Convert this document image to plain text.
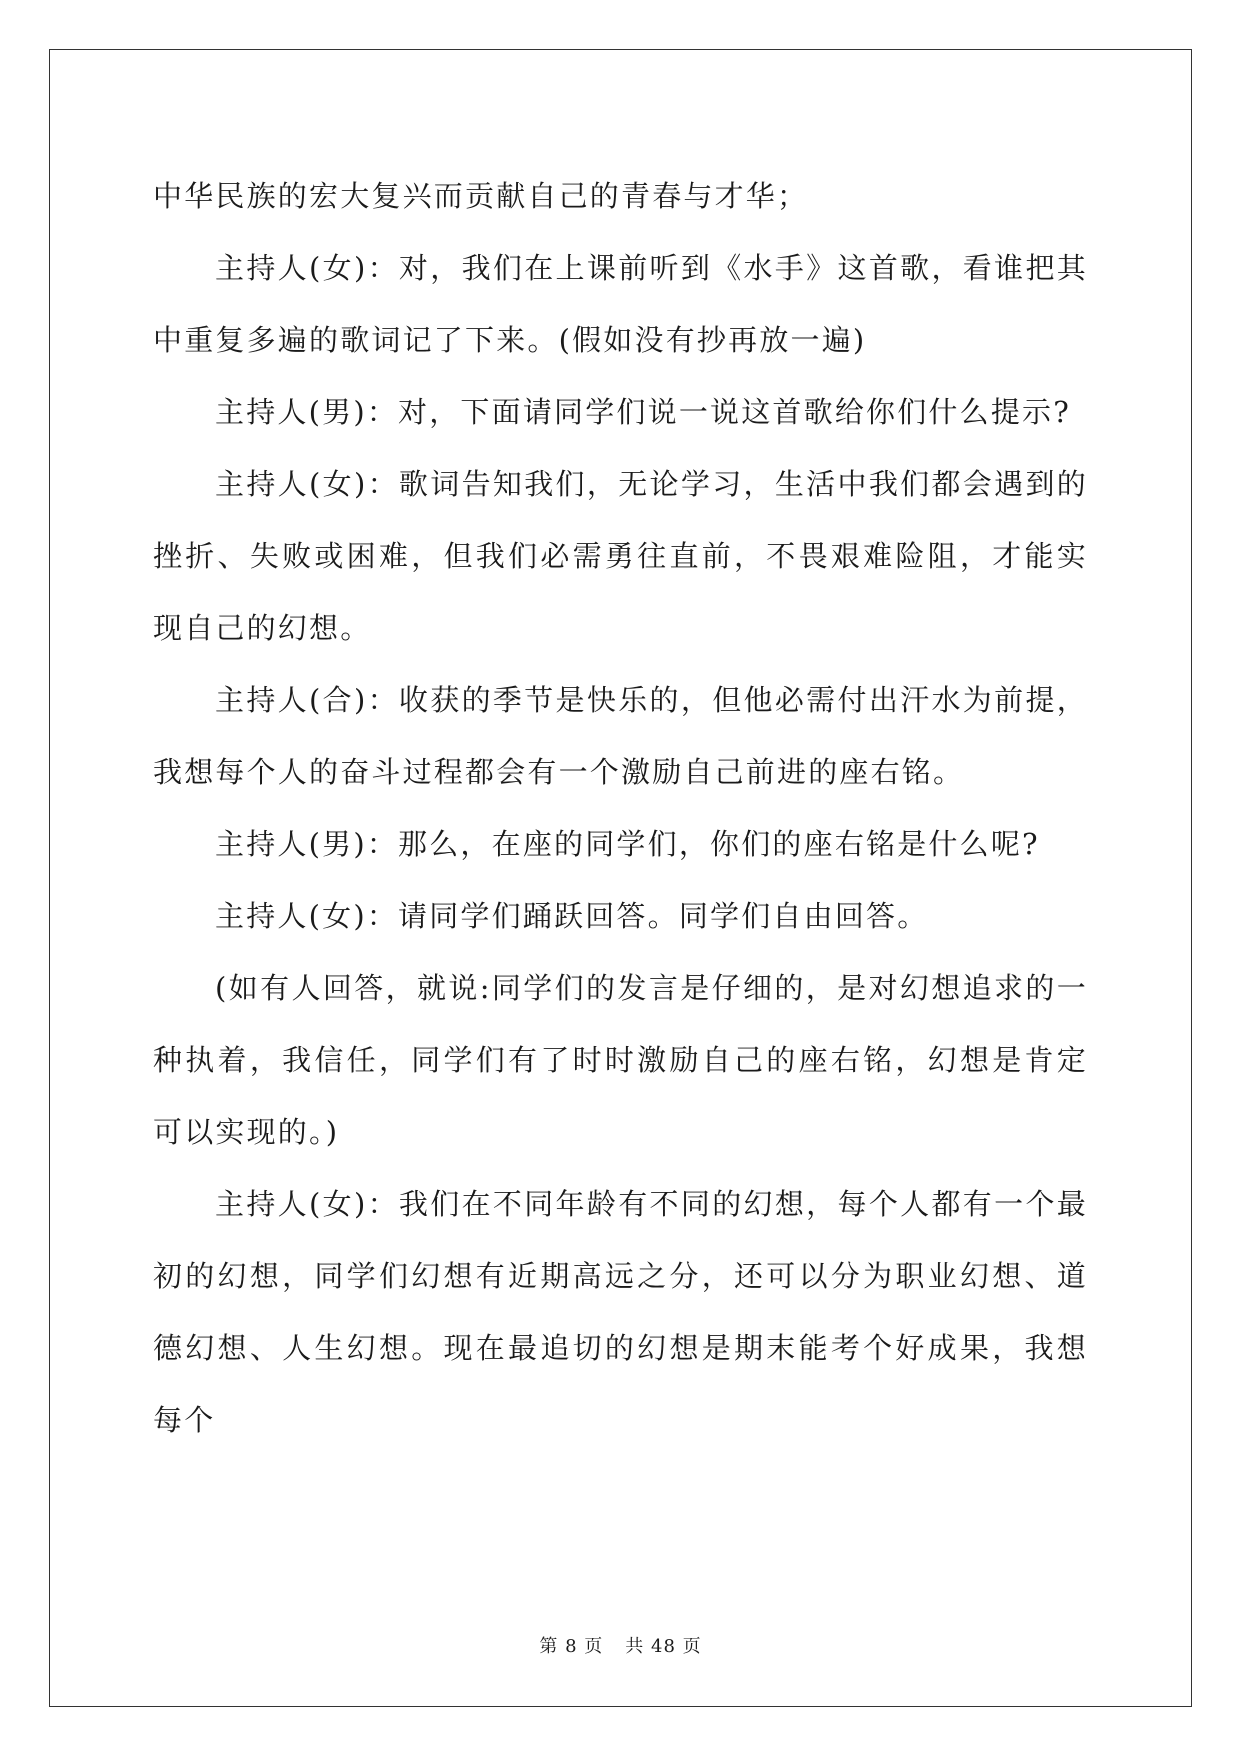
中华民族的宏大复兴而贡献自己的青春与才华；

主持人(女)：对，我们在上课前听到《水手》这首歌，看谁把其中重复多遍的歌词记了下来。(假如没有抄再放一遍)

主持人(男)：对，下面请同学们说一说这首歌给你们什么提示?

主持人(女)：歌词告知我们，无论学习，生活中我们都会遇到的挫折、失败或困难，但我们必需勇往直前，不畏艰难险阻，才能实现自己的幻想。

主持人(合)：收获的季节是快乐的，但他必需付出汗水为前提，我想每个人的奋斗过程都会有一个激励自己前进的座右铭。

主持人(男)：那么，在座的同学们，你们的座右铭是什么呢?

主持人(女)：请同学们踊跃回答。同学们自由回答。

(如有人回答，就说:同学们的发言是仔细的，是对幻想追求的一种执着，我信任，同学们有了时时激励自己的座右铭，幻想是肯定可以实现的。)

主持人(女)：我们在不同年龄有不同的幻想，每个人都有一个最初的幻想，同学们幻想有近期高远之分，还可以分为职业幻想、道德幻想、人生幻想。现在最追切的幻想是期末能考个好成果，我想每个

第 8 页 共 48 页
